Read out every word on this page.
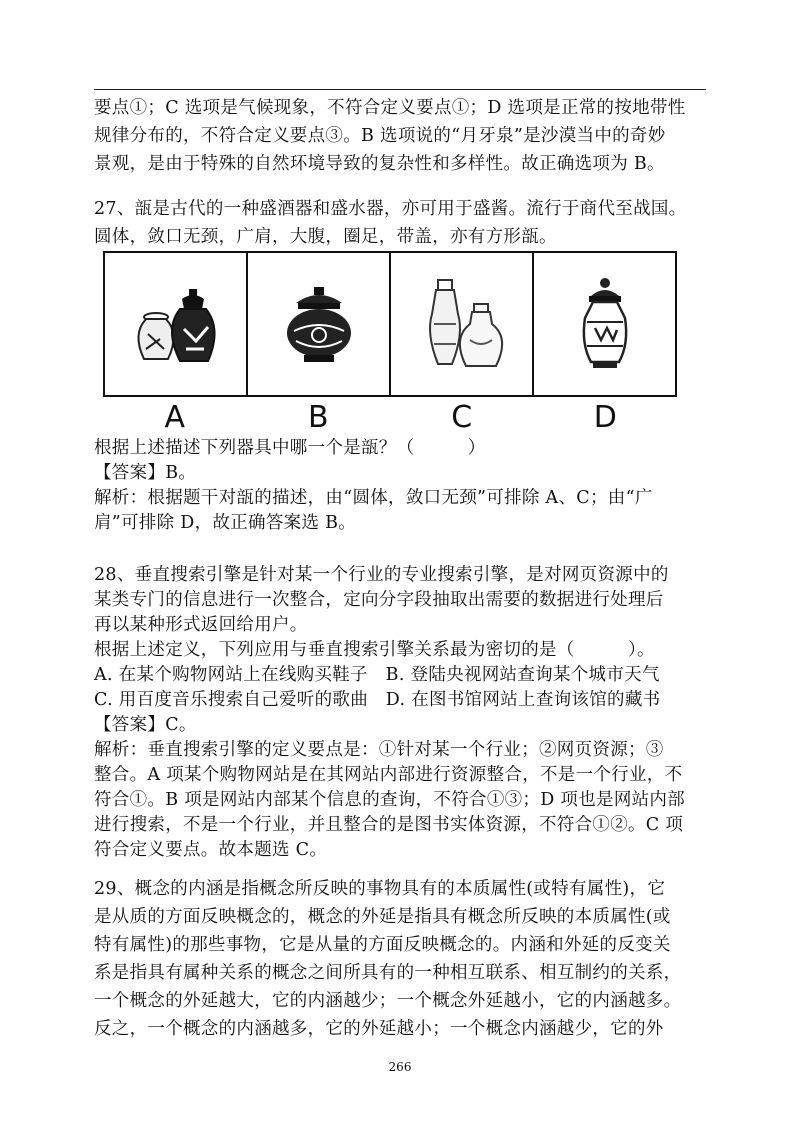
要点①；C 选项是气候现象，不符合定义要点①；D 选项是正常的按地带性
规律分布的，不符合定义要点③。B 选项说的“月牙泉”是沙漠当中的奇妙
景观，是由于特殊的自然环境导致的复杂性和多样性。故正确选项为 B。
27、瓿是古代的一种盛酒器和盛水器，亦可用于盛酱。流行于商代至战国。
圆体，敛口无颈，广肩，大腹，圈足，带盖，亦有方形瓿。
A	B	C	D
根据上述描述下列器具中哪一个是瓿？（　　　）
【答案】B。
解析：根据题干对瓿的描述，由“圆体，敛口无颈”可排除 A、C；由“广
肩”可排除 D，故正确答案选 B。
28、垂直搜索引擎是针对某一个行业的专业搜索引擎，是对网页资源中的
某类专门的信息进行一次整合，定向分字段抽取出需要的数据进行处理后
再以某种形式返回给用户。
根据上述定义，下列应用与垂直搜索引擎关系最为密切的是（　　　）。
A. 在某个购物网站上在线购买鞋子　B. 登陆央视网站查询某个城市天气
C. 用百度音乐搜索自己爱听的歌曲　D. 在图书馆网站上查询该馆的藏书
【答案】C。
解析：垂直搜索引擎的定义要点是：①针对某一个行业；②网页资源；③
整合。A 项某个购物网站是在其网站内部进行资源整合，不是一个行业，不
符合①。B 项是网站内部某个信息的查询，不符合①③；D 项也是网站内部
进行搜索，不是一个行业，并且整合的是图书实体资源，不符合①②。C 项
符合定义要点。故本题选 C。
29、概念的内涵是指概念所反映的事物具有的本质属性(或特有属性)，它
是从质的方面反映概念的，概念的外延是指具有概念所反映的本质属性(或
特有属性)的那些事物，它是从量的方面反映概念的。内涵和外延的反变关
系是指具有属种关系的概念之间所具有的一种相互联系、相互制约的关系，
一个概念的外延越大，它的内涵越少；一个概念外延越小，它的内涵越多。
反之，一个概念的内涵越多，它的外延越小；一个概念内涵越少，它的外
266
